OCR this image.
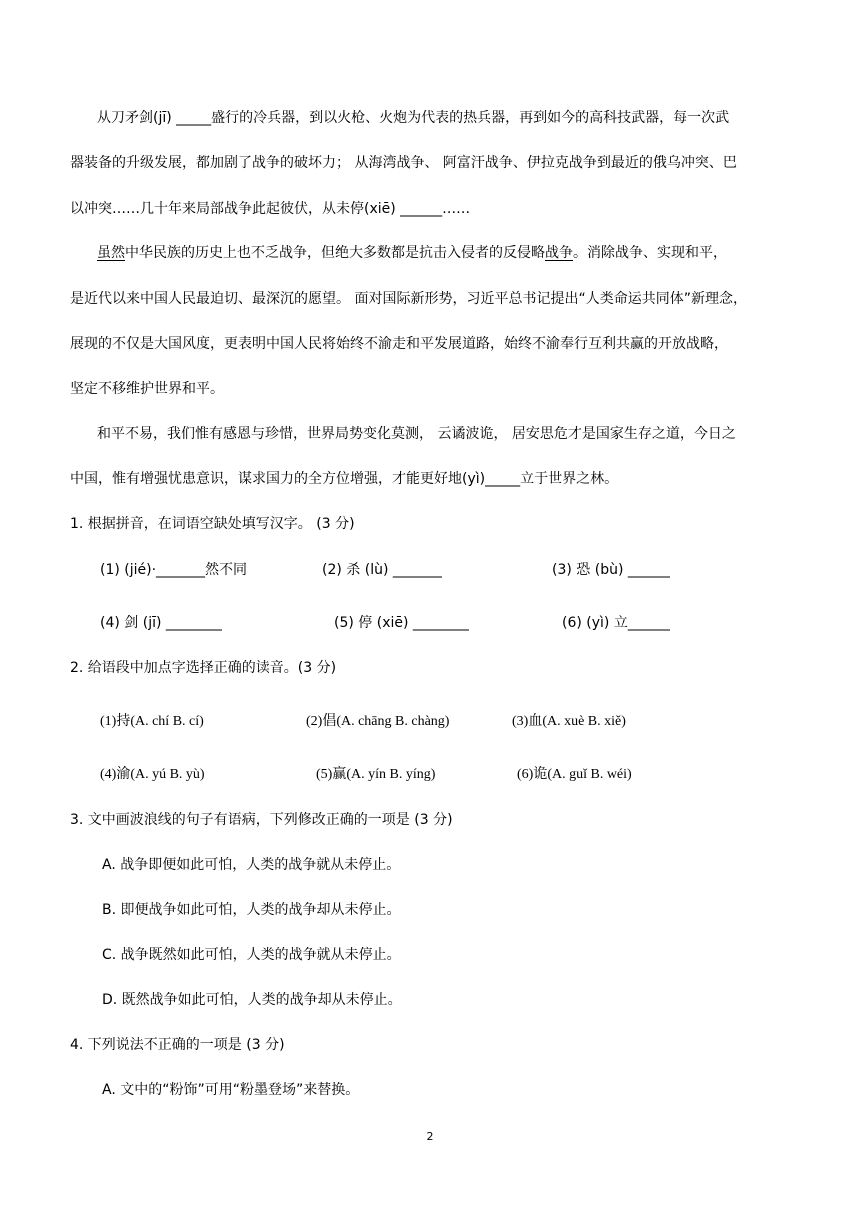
从刀矛剑(jī) _____盛行的冷兵器，到以火枪、火炮为代表的热兵器，再到如今的高科技武器，每一次武
器装备的升级发展，都加剧了战争的破坏力； 从海湾战争、 阿富汗战争、伊拉克战争到最近的俄乌冲突、巴
以冲突……几十年来局部战争此起彼伏，从未停(xiē) ______……
虽然中华民族的历史上也不乏战争，但绝大多数都是抗击入侵者的反侵略战争。消除战争、实现和平，
是近代以来中国人民最迫切、最深沉的愿望。 面对国际新形势，习近平总书记提出“人类命运共同体”新理念，
展现的不仅是大国风度，更表明中国人民将始终不渝走和平发展道路，始终不渝奉行互利共赢的开放战略，
坚定不移维护世界和平。
和平不易，我们惟有感恩与珍惜，世界局势变化莫测， 云谲波诡， 居安思危才是国家生存之道，今日之
中国，惟有增强忧患意识，谋求国力的全方位增强，才能更好地(yì)_____立于世界之林。
1. 根据拼音，在词语空缺处填写汉字。 (3 分)
(1) (jié)·_______然不同	(2) 杀 (lù) _______	(3) 恐 (bù) ______
(4) 剑 (jī) ________	(5) 停 (xiē) ________	(6) (yì) 立______
2. 给语段中加点字选择正确的读音。(3 分)
(1)持(A. chí B. cí)	(2)倡(A. chāng B. chàng)	(3)血(A. xuè B. xiě)
(4)渝(A. yú B. yù)	(5)赢(A. yín B. yíng)	(6)诡(A. guǐ B. wéi)
3. 文中画波浪线的句子有语病，下列修改正确的一项是 (3 分)
A. 战争即便如此可怕，人类的战争就从未停止。
B. 即便战争如此可怕，人类的战争却从未停止。
C. 战争既然如此可怕，人类的战争就从未停止。
D. 既然战争如此可怕，人类的战争却从未停止。
4. 下列说法不正确的一项是 (3 分)
A. 文中的“粉饰”可用“粉墨登场”来替换。
2
